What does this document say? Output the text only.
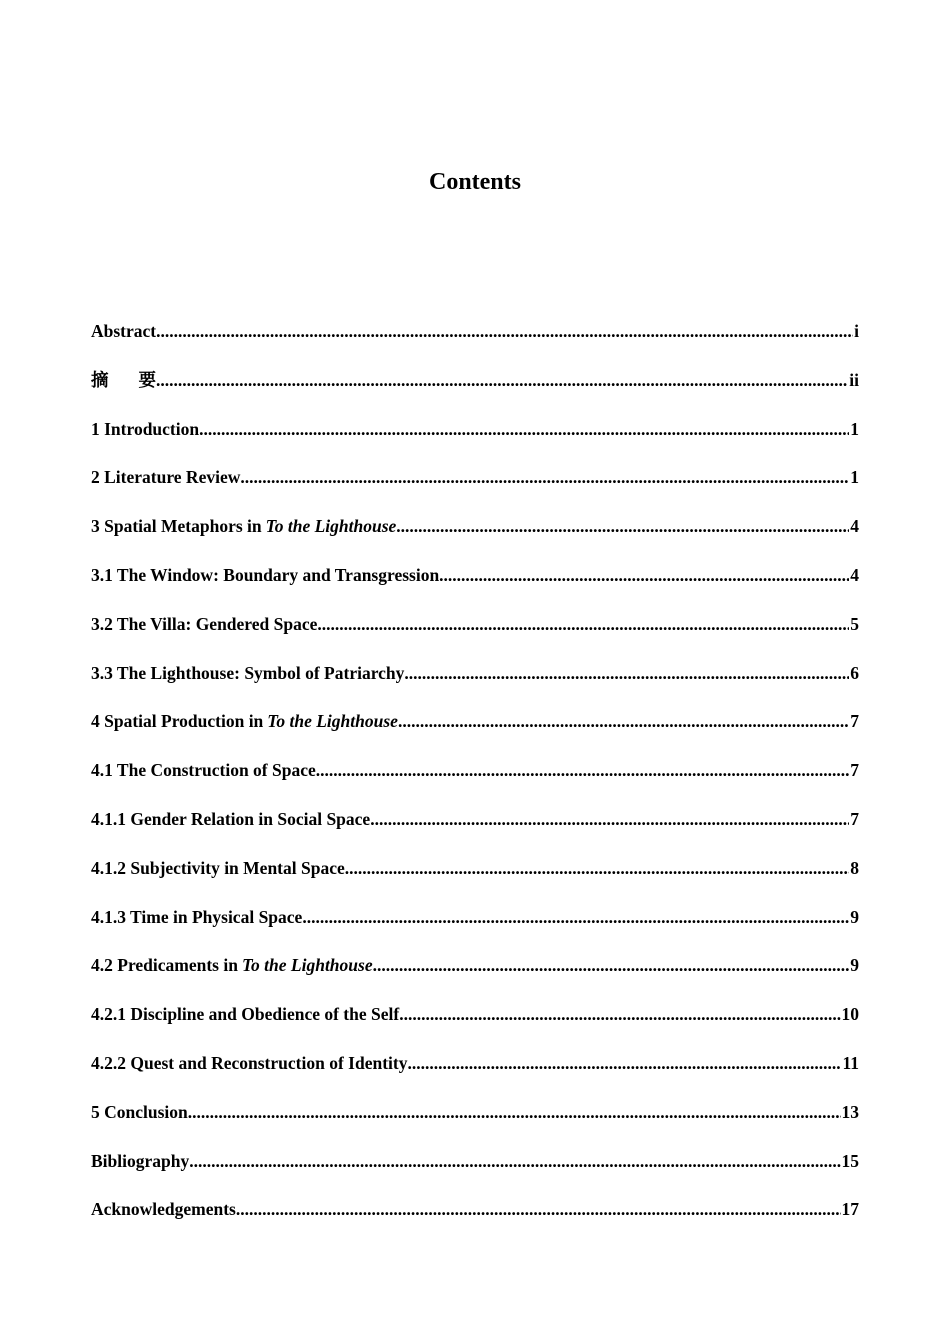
Contents
Abstract .....	i
摘 要 .....	ii
1 Introduction .....	1
2 Literature Review .....	1
3 Spatial Metaphors in To the Lighthouse .....	4
3.1 The Window: Boundary and Transgression .....	4
3.2 The Villa: Gendered Space .....	5
3.3 The Lighthouse: Symbol of Patriarchy .....	6
4 Spatial Production in To the Lighthouse .....	7
4.1 The Construction of Space .....	7
4.1.1 Gender Relation in Social Space .....	7
4.1.2 Subjectivity in Mental Space .....	8
4.1.3 Time in Physical Space .....	9
4.2 Predicaments in To the Lighthouse .....	9
4.2.1 Discipline and Obedience of the Self .....	10
4.2.2 Quest and Reconstruction of Identity .....	11
5 Conclusion .....	13
Bibliography .....	15
Acknowledgements .....	17
